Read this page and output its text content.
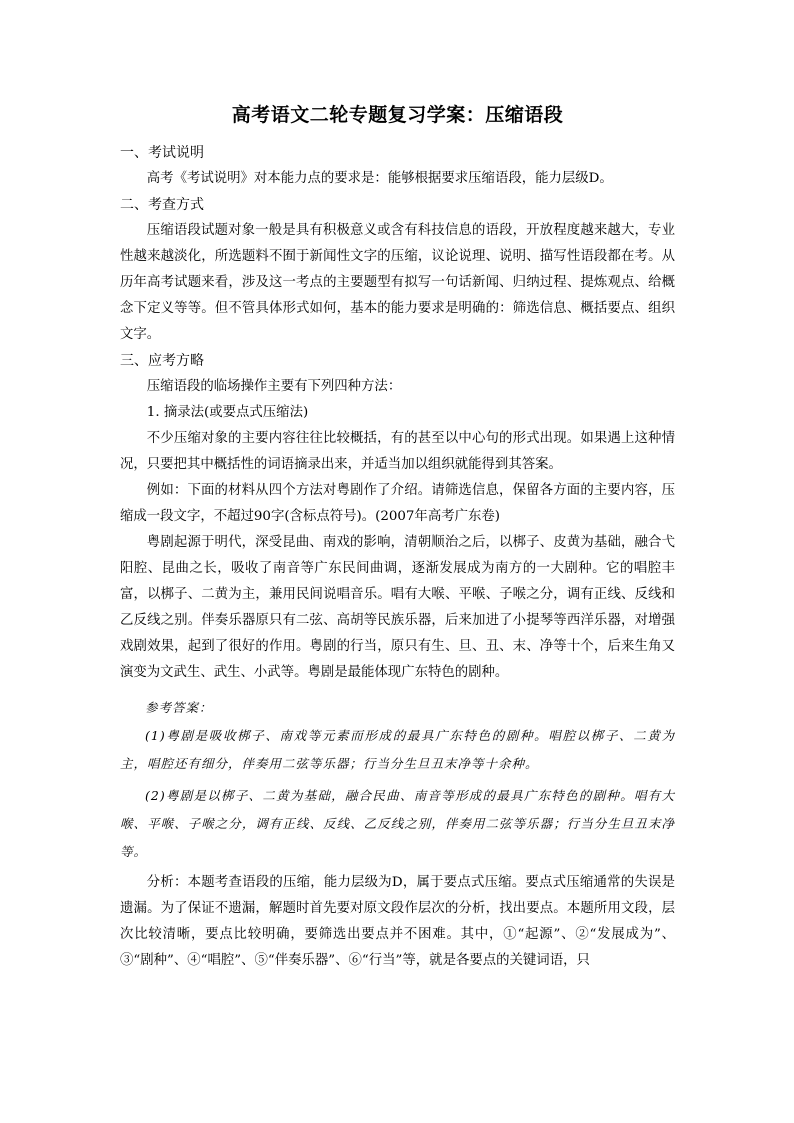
高考语文二轮专题复习学案：压缩语段
一、考试说明
高考《考试说明》对本能力点的要求是：能够根据要求压缩语段，能力层级D。
二、考查方式
压缩语段试题对象一般是具有积极意义或含有科技信息的语段，开放程度越来越大，专业性越来越淡化，所选题料不囿于新闻性文字的压缩，议论说理、说明、描写性语段都在考。从历年高考试题来看，涉及这一考点的主要题型有拟写一句话新闻、归纳过程、提炼观点、给概念下定义等等。但不管具体形式如何，基本的能力要求是明确的：筛选信息、概括要点、组织文字。
三、应考方略
压缩语段的临场操作主要有下列四种方法：
1. 摘录法(或要点式压缩法)
不少压缩对象的主要内容往往比较概括，有的甚至以中心句的形式出现。如果遇上这种情况，只要把其中概括性的词语摘录出来，并适当加以组织就能得到其答案。
例如：下面的材料从四个方法对粤剧作了介绍。请筛选信息，保留各方面的主要内容，压缩成一段文字，不超过90字(含标点符号)。(2007年高考广东卷)
粤剧起源于明代，深受昆曲、南戏的影响，清朝顺治之后，以梆子、皮黄为基础，融合弋阳腔、昆曲之长，吸收了南音等广东民间曲调，逐渐发展成为南方的一大剧种。它的唱腔丰富，以梆子、二黄为主，兼用民间说唱音乐。唱有大喉、平喉、子喉之分，调有正线、反线和乙反线之别。伴奏乐器原只有二弦、高胡等民族乐器，后来加进了小提琴等西洋乐器，对增强戏剧效果，起到了很好的作用。粤剧的行当，原只有生、旦、丑、末、净等十个，后来生角又演变为文武生、武生、小武等。粤剧是最能体现广东特色的剧种。
参考答案：
(1)粤剧是吸收梆子、南戏等元素而形成的最具广东特色的剧种。唱腔以梆子、二黄为主，唱腔还有细分，伴奏用二弦等乐器；行当分生旦丑末净等十余种。
(2)粤剧是以梆子、二黄为基础，融合民曲、南音等形成的最具广东特色的剧种。唱有大喉、平喉、子喉之分，调有正线、反线、乙反线之别，伴奏用二弦等乐器；行当分生旦丑末净等。
分析：本题考查语段的压缩，能力层级为D，属于要点式压缩。要点式压缩通常的失误是遗漏。为了保证不遗漏，解题时首先要对原文段作层次的分析，找出要点。本题所用文段，层次比较清晰，要点比较明确，要筛选出要点并不困难。其中，①“起源”、②“发展成为”、③“剧种”、④“唱腔”、⑤“伴奏乐器”、⑥“行当”等，就是各要点的关键词语，只
